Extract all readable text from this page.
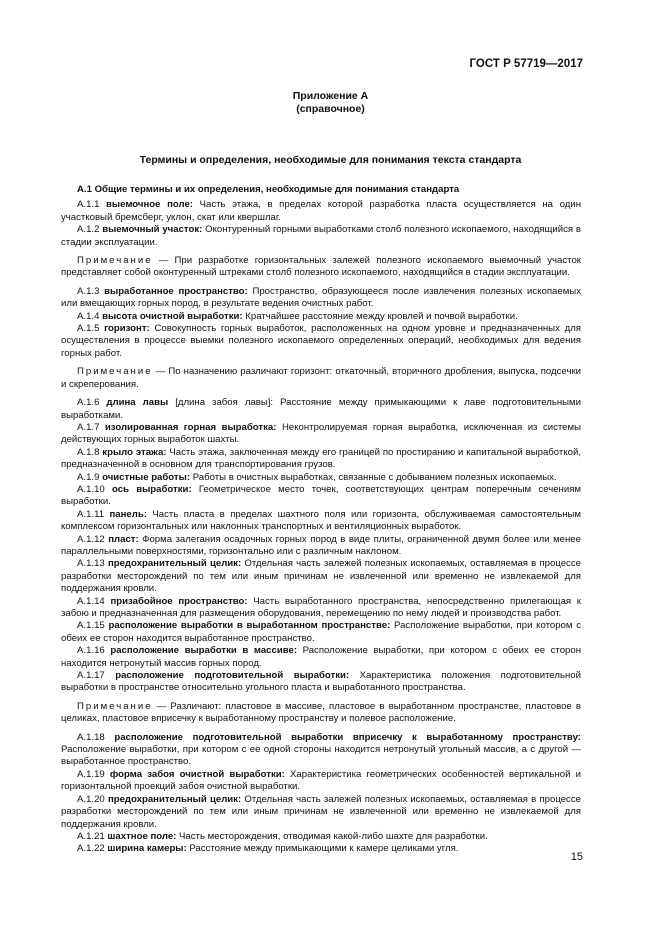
ГОСТ Р 57719—2017
Приложение А
(справочное)
Термины и определения, необходимые для понимания текста стандарта

А.1 Общие термины и их определения, необходимые для понимания стандарта

А.1.1 выемочное поле: Часть этажа, в пределах которой разработка пласта осуществляется на один участковый бремсберг, уклон, скат или квершлаг.

А.1.2 выемочный участок: Оконтуренный горными выработками столб полезного ископаемого, находящийся в стадии эксплуатации.

Примечание — При разработке горизонтальных залежей полезного ископаемого выемочный участок представляет собой оконтуренный штреками столб полезного ископаемого, находящийся в стадии эксплуатации.

А.1.3 выработанное пространство: Пространство, образующееся после извлечения полезных ископаемых или вмещающих горных пород, в результате ведения очистных работ.

А.1.4 высота очистной выработки: Кратчайшее расстояние между кровлей и почвой выработки.

А.1.5 горизонт: Совокупность горных выработок, расположенных на одном уровне и предназначенных для осуществления в процессе выемки полезного ископаемого определенных операций, необходимых для ведения горных работ.

Примечание — По назначению различают горизонт: откаточный, вторичного дробления, выпуска, подсечки и скреперования.

А.1.6 длина лавы [длина забоя лавы]: Расстояние между примыкающими к лаве подготовительными выработками.

А.1.7 изолированная горная выработка: Неконтролируемая горная выработка, исключенная из системы действующих горных выработок шахты.

А.1.8 крыло этажа: Часть этажа, заключенная между его границей по простиранию и капитальной выработкой, предназначенной в основном для транспортирования грузов.

А.1.9 очистные работы: Работы в очистных выработках, связанные с добыванием полезных ископаемых.

А.1.10 ось выработки: Геометрическое место точек, соответствующих центрам поперечным сечениям выработки.

А.1.11 панель: Часть пласта в пределах шахтного поля или горизонта, обслуживаемая самостоятельным комплексом горизонтальных или наклонных транспортных и вентиляционных выработок.

А.1.12 пласт: Форма залегания осадочных горных пород в виде плиты, ограниченной двумя более или менее параллельными поверхностями, горизонтально или с различным наклоном.

А.1.13 предохранительный целик: Отдельная часть залежей полезных ископаемых, оставляемая в процессе разработки месторождений по тем или иным причинам не извлеченной или временно не извлекаемой для поддержания кровли.

А.1.14 призабойное пространство: Часть выработанного пространства, непосредственно прилегающая к забою и предназначенная для размещения оборудования, перемещению по нему людей и производства работ.

А.1.15 расположение выработки в выработанном пространстве: Расположение выработки, при котором с обеих ее сторон находится выработанное пространство.

А.1.16 расположение выработки в массиве: Расположение выработки, при котором с обеих ее сторон находится нетронутый массив горных пород.

А.1.17 расположение подготовительной выработки: Характеристика положения подготовительной выработки в пространстве относительно угольного пласта и выработанного пространства.

Примечание — Различают: пластовое в массиве, пластовое в выработанном пространстве, пластовое в целиках, пластовое вприсечку к выработанному пространству и полевое расположение.

А.1.18 расположение подготовительной выработки вприсечку к выработанному пространству: Расположение выработки, при котором с ее одной стороны находится нетронутый угольный массив, а с другой — выработанное пространство.

А.1.19 форма забоя очистной выработки: Характеристика геометрических особенностей вертикальной и горизонтальной проекций забоя очистной выработки.

А.1.20 предохранительный целик: Отдельная часть залежей полезных ископаемых, оставляемая в процессе разработки месторождений по тем или иным причинам не извлеченной или временно не извлекаемой для поддержания кровли.

А.1.21 шахтное поле: Часть месторождения, отводимая какой-либо шахте для разработки.

А.1.22 ширина камеры: Расстояние между примыкающими к камере целиками угля.

15
